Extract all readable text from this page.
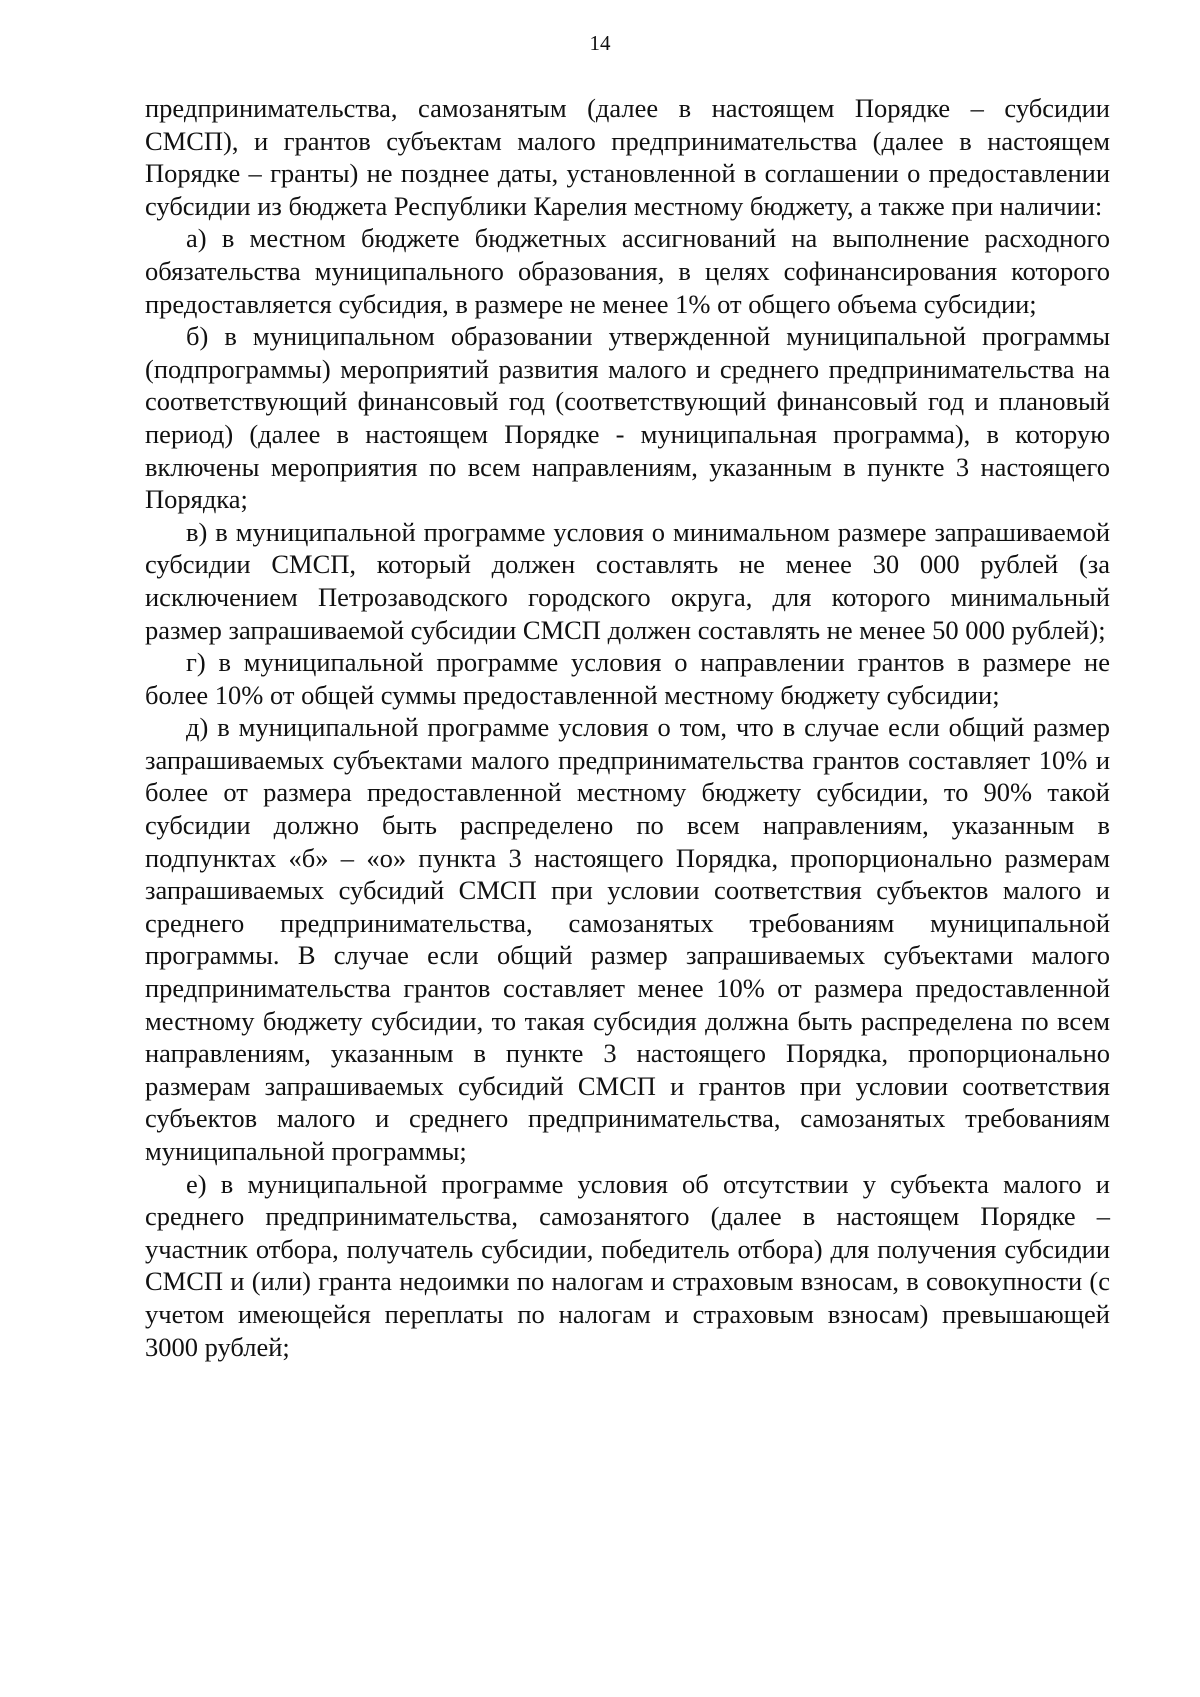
14

предпринимательства, самозанятым (далее в настоящем Порядке – субсидии СМСП), и грантов субъектам малого предпринимательства (далее в настоящем Порядке – гранты) не позднее даты, установленной в соглашении о предоставлении субсидии из бюджета Республики Карелия местному бюджету, а также при наличии:

а) в местном бюджете бюджетных ассигнований на выполнение расходного обязательства муниципального образования, в целях софинансирования которого предоставляется субсидия, в размере не менее 1% от общего объема субсидии;

б) в муниципальном образовании утвержденной муниципальной программы (подпрограммы) мероприятий развития малого и среднего предпринимательства на соответствующий финансовый год (соответствующий финансовый год и плановый период) (далее в настоящем Порядке - муниципальная программа), в которую включены мероприятия по всем направлениям, указанным в пункте 3 настоящего Порядка;

в) в муниципальной программе условия о минимальном размере запрашиваемой субсидии СМСП, который должен составлять не менее 30 000 рублей (за исключением Петрозаводского городского округа, для которого минимальный размер запрашиваемой субсидии СМСП должен составлять не менее 50 000 рублей);

г) в муниципальной программе условия о направлении грантов в размере не более 10% от общей суммы предоставленной местному бюджету субсидии;

д) в муниципальной программе условия о том, что в случае если общий размер запрашиваемых субъектами малого предпринимательства грантов составляет 10% и более от размера предоставленной местному бюджету субсидии, то 90% такой субсидии должно быть распределено по всем направлениям, указанным в подпунктах «б» – «о» пункта 3 настоящего Порядка, пропорционально размерам запрашиваемых субсидий СМСП при условии соответствия субъектов малого и среднего предпринимательства, самозанятых требованиям муниципальной программы. В случае если общий размер запрашиваемых субъектами малого предпринимательства грантов составляет менее 10% от размера предоставленной местному бюджету субсидии, то такая субсидия должна быть распределена по всем направлениям, указанным в пункте 3 настоящего Порядка, пропорционально размерам запрашиваемых субсидий СМСП и грантов при условии соответствия субъектов малого и среднего предпринимательства, самозанятых требованиям муниципальной программы;

е) в муниципальной программе условия об отсутствии у субъекта малого и среднего предпринимательства, самозанятого (далее в настоящем Порядке – участник отбора, получатель субсидии, победитель отбора) для получения субсидии СМСП и (или) гранта недоимки по налогам и страховым взносам, в совокупности (с учетом имеющейся переплаты по налогам и страховым взносам) превышающей 3000 рублей;
